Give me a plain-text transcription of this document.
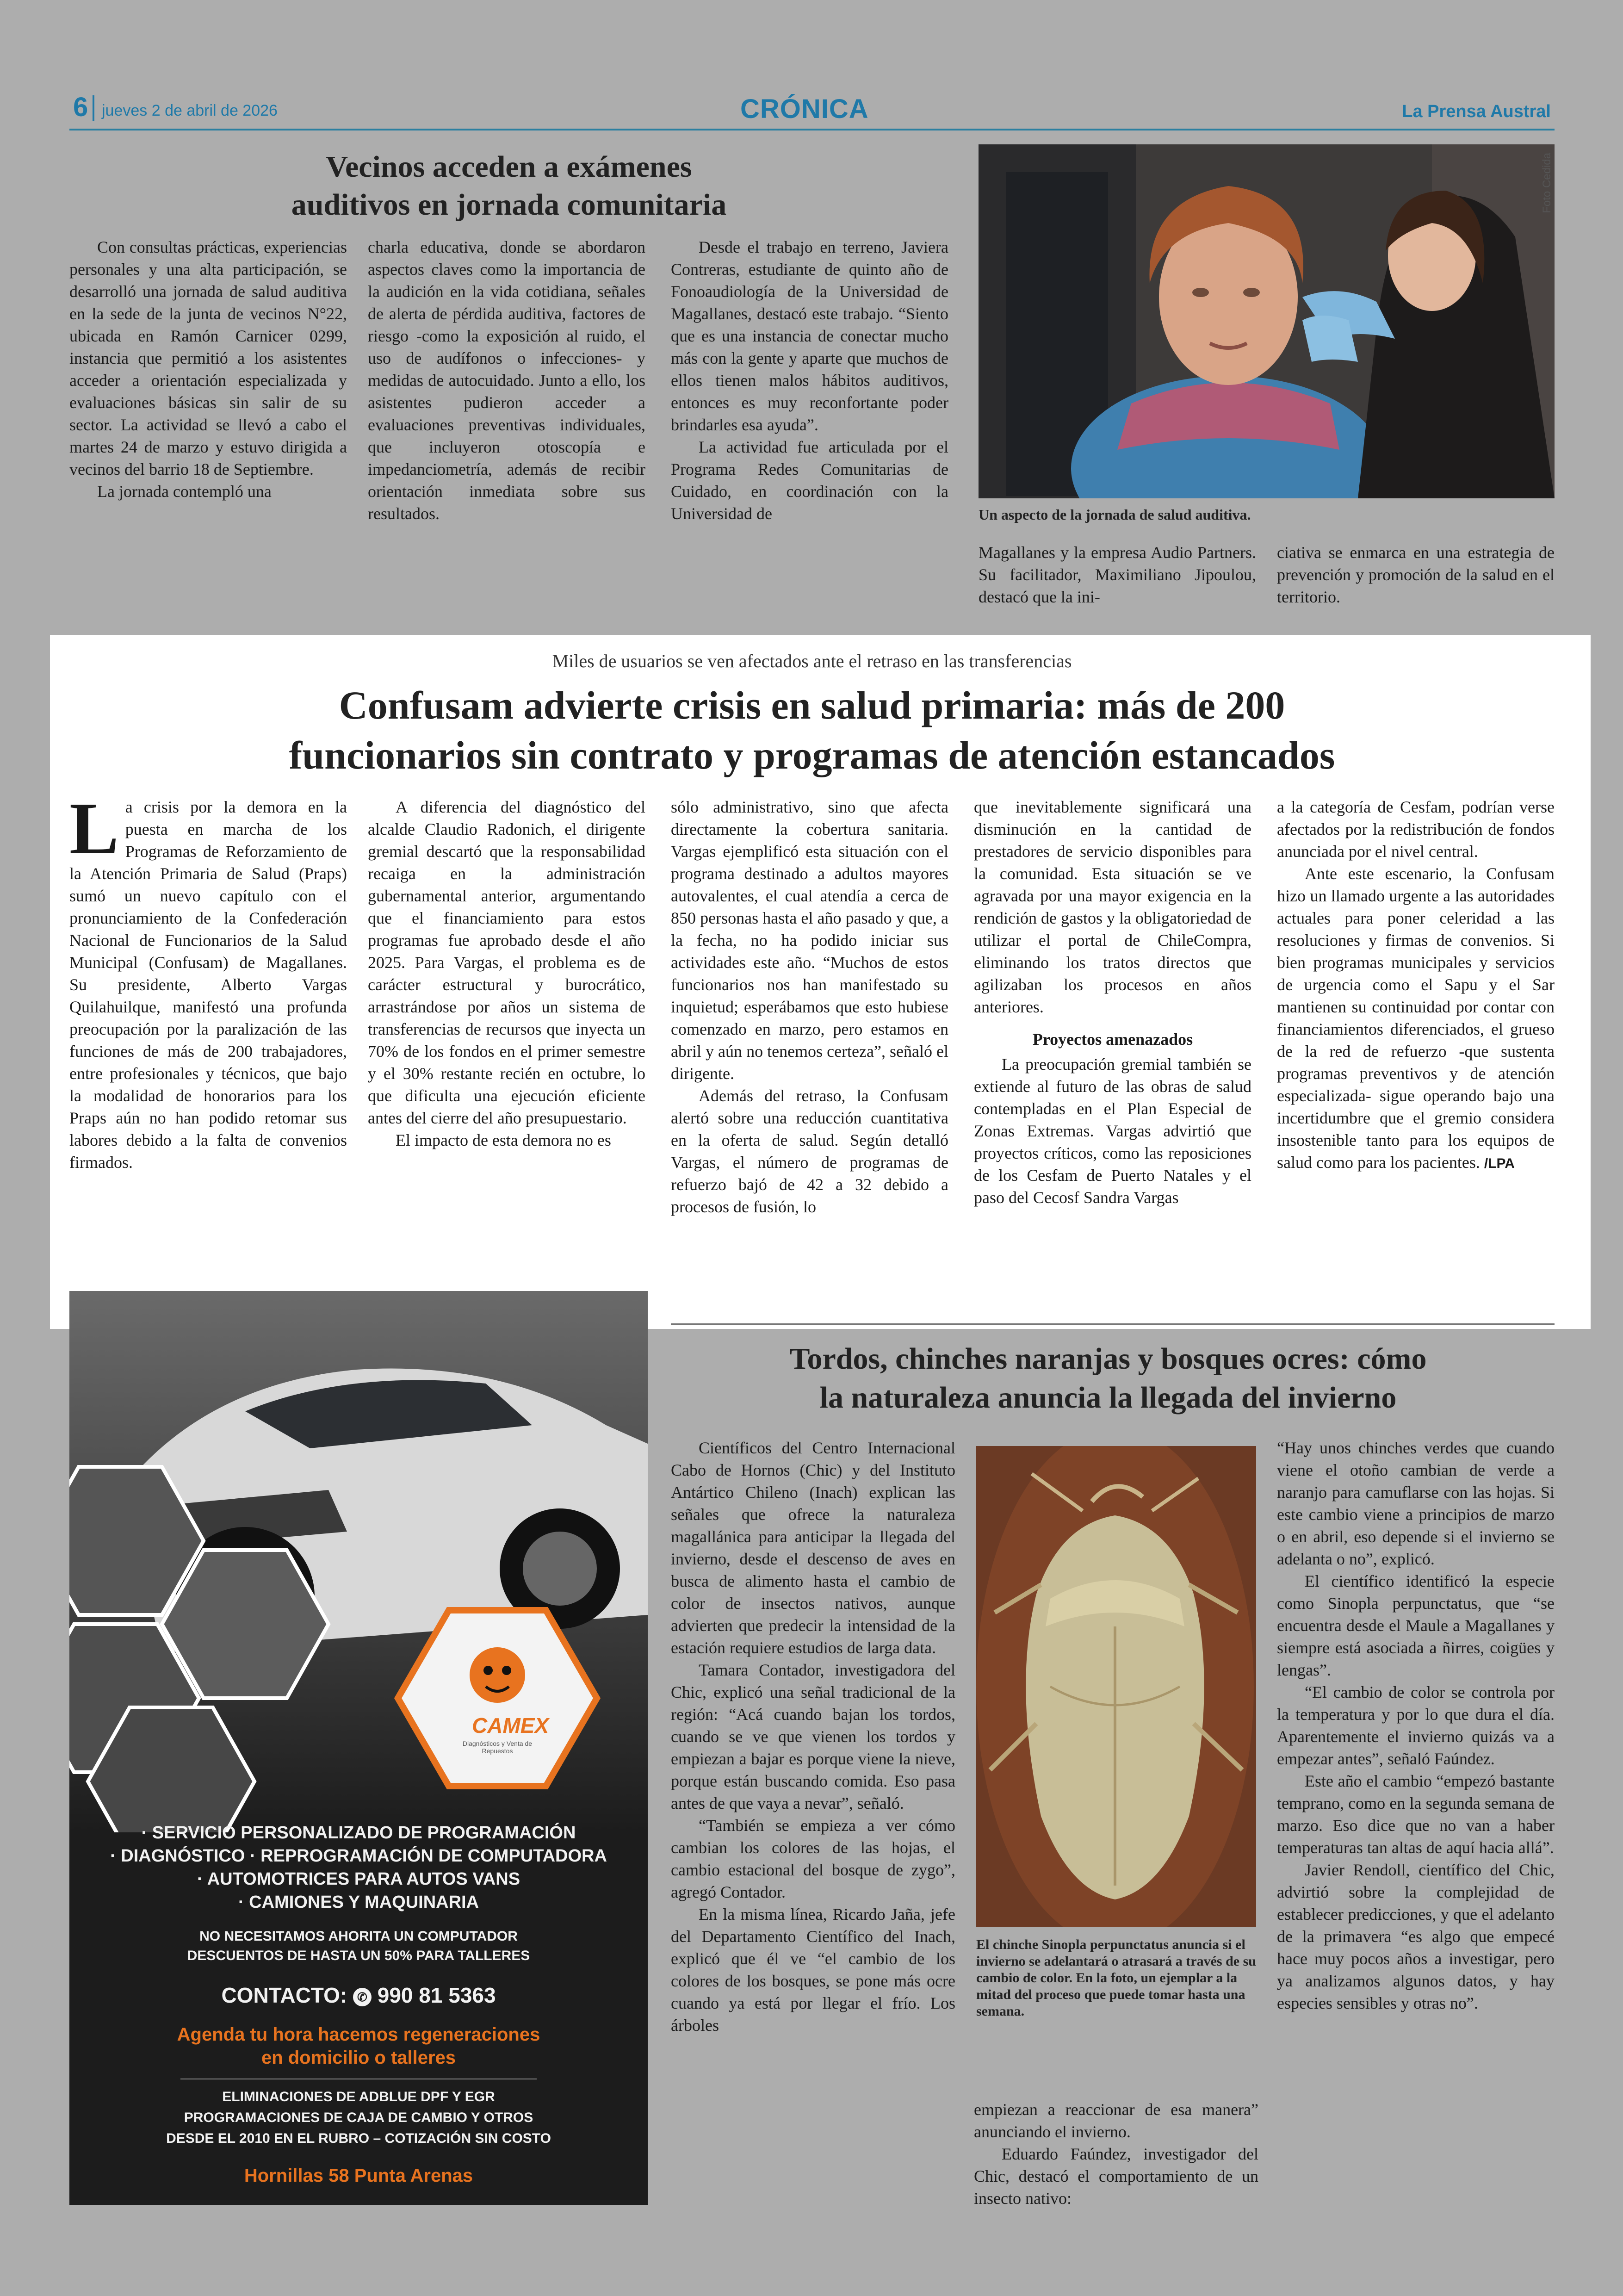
6 jueves 2 de abril de 2026	CRÓNICA	La Prensa Austral
Vecinos acceden a exámenes
auditivos en jornada comunitaria

Con consultas prácticas, experiencias personales y una alta participación, se desarrolló una jornada de salud auditiva en la sede de la junta de vecinos N°22, ubicada en Ramón Carnicer 0299, instancia que permitió a los asistentes acceder a orientación especializada y evaluaciones básicas sin salir de su sector. La actividad se llevó a cabo el martes 24 de marzo y estuvo dirigida a vecinos del barrio 18 de Septiembre.

La jornada contempló una

charla educativa, donde se abordaron aspectos claves como la importancia de la audición en la vida cotidiana, señales de alerta de pérdida auditiva, factores de riesgo -como la exposición al ruido, el uso de audífonos o infecciones- y medidas de autocuidado. Junto a ello, los asistentes pudieron acceder a evaluaciones preventivas individuales, que incluyeron otoscopía e impedanciometría, además de recibir orientación inmediata sobre sus resultados.

Desde el trabajo en terreno, Javiera Contreras, estudiante de quinto año de Fonoaudiología de la Universidad de Magallanes, destacó este trabajo. “Siento que es una instancia de conectar mucho más con la gente y aparte que muchos de ellos tienen malos hábitos auditivos, entonces es muy reconfortante poder brindarles esa ayuda”.

La actividad fue articulada por el Programa Redes Comunitarias de Cuidado, en coordinación con la Universidad de

Foto Cedida
Un aspecto de la jornada de salud auditiva.

Magallanes y la empresa Audio Partners. Su facilitador, Maximiliano Jipoulou, destacó que la ini-

ciativa se enmarca en una estrategia de prevención y promoción de la salud en el territorio.

Miles de usuarios se ven afectados ante el retraso en las transferencias
Confusam advierte crisis en salud primaria: más de 200
funcionarios sin contrato y programas de atención estancados
L a crisis por la demora en la puesta en marcha de los Programas de Reforzamiento de la Atención Primaria de Salud (Praps) sumó un nuevo capítulo con el pronunciamiento de la Confederación Nacional de Funcionarios de la Salud Municipal (Confusam) de Magallanes. Su presidente, Alberto Vargas Quilahuilque, manifestó una profunda preocupación por la paralización de las funciones de más de 200 trabajadores, entre profesionales y técnicos, que bajo la modalidad de honorarios para los Praps aún no han podido retomar sus labores debido a la falta de convenios firmados.

A diferencia del diagnóstico del alcalde Claudio Radonich, el dirigente gremial descartó que la responsabilidad recaiga en la administración gubernamental anterior, argumentando que el financiamiento para estos programas fue aprobado desde el año 2025. Para Vargas, el problema es de carácter estructural y burocrático, arrastrándose por años un sistema de transferencias de recursos que inyecta un 70% de los fondos en el primer semestre y el 30% restante recién en octubre, lo que dificulta una ejecución eficiente antes del cierre del año presupuestario.

El impacto de esta demora no es

sólo administrativo, sino que afecta directamente la cobertura sanitaria. Vargas ejemplificó esta situación con el programa destinado a adultos mayores autovalentes, el cual atendía a cerca de 850 personas hasta el año pasado y que, a la fecha, no ha podido iniciar sus actividades este año. “Muchos de estos funcionarios nos han manifestado su inquietud; esperábamos que esto hubiese comenzado en marzo, pero estamos en abril y aún no tenemos certeza”, señaló el dirigente.

Además del retraso, la Confusam alertó sobre una reducción cuantitativa en la oferta de salud. Según detalló Vargas, el número de programas de refuerzo bajó de 42 a 32 debido a procesos de fusión, lo

que inevitablemente significará una disminución en la cantidad de prestadores de servicio disponibles para la comunidad. Esta situación se ve agravada por una mayor exigencia en la rendición de gastos y la obligatoriedad de utilizar el portal de ChileCompra, eliminando los tratos directos que agilizaban los procesos en años anteriores.

Proyectos amenazados

La preocupación gremial también se extiende al futuro de las obras de salud contempladas en el Plan Especial de Zonas Extremas. Vargas advirtió que proyectos críticos, como las reposiciones de los Cesfam de Puerto Natales y el paso del Cecosf Sandra Vargas

a la categoría de Cesfam, podrían verse afectados por la redistribución de fondos anunciada por el nivel central.

Ante este escenario, la Confusam hizo un llamado urgente a las autoridades actuales para poner celeridad a las resoluciones y firmas de convenios. Si bien programas municipales y servicios de urgencia como el Sapu y el Sar mantienen su continuidad por contar con financiamientos diferenciados, el grueso de la red de refuerzo -que sustenta programas preventivos y de atención especializada- sigue operando bajo una incertidumbre que el gremio considera insostenible tanto para los equipos de salud como para los pacientes. /LPA

CAMEX
Diagnósticos y Venta de Repuestos
· SERVICIO PERSONALIZADO DE PROGRAMACIÓN
· DIAGNÓSTICO · REPROGRAMACIÓN DE COMPUTADORA
· AUTOMOTRICES PARA AUTOS VANS
· CAMIONES Y MAQUINARIA
NO NECESITAMOS AHORITA UN COMPUTADOR
DESCUENTOS DE HASTA UN 50% PARA TALLERES
CONTACTO: ✆ 990 81 5363
Agenda tu hora hacemos regeneraciones
en domicilio o talleres
ELIMINACIONES DE ADBLUE DPF Y EGR
PROGRAMACIONES DE CAJA DE CAMBIO Y OTROS
DESDE EL 2010 EN EL RUBRO – COTIZACIÓN SIN COSTO
Hornillas 58 Punta Arenas
Tordos, chinches naranjas y bosques ocres: cómo
la naturaleza anuncia la llegada del invierno

Científicos del Centro Internacional Cabo de Hornos (Chic) y del Instituto Antártico Chileno (Inach) explican las señales que ofrece la naturaleza magallánica para anticipar la llegada del invierno, desde el descenso de aves en busca de alimento hasta el cambio de color de insectos nativos, aunque advierten que predecir la intensidad de la estación requiere estudios de larga data.

Tamara Contador, investigadora del Chic, explicó una señal tradicional de la región: “Acá cuando bajan los tordos, cuando se ve que vienen los tordos y empiezan a bajar es porque viene la nieve, porque están buscando comida. Eso pasa antes de que vaya a nevar”, señaló.

“También se empieza a ver cómo cambian los colores de las hojas, el cambio estacional del bosque de zygo”, agregó Contador.

En la misma línea, Ricardo Jaña, jefe del Departamento Científico del Inach, explicó que él ve “el cambio de los colores de los bosques, se pone más ocre cuando ya está por llegar el frío. Los árboles

El chinche Sinopla perpunctatus anuncia si el invierno se adelantará o atrasará a través de su cambio de color. En la foto, un ejemplar a la mitad del proceso que puede tomar hasta una semana.

empiezan a reaccionar de esa manera” anunciando el invierno.

Eduardo Faúndez, investigador del Chic, destacó el comportamiento de un insecto nativo:

“Hay unos chinches verdes que cuando viene el otoño cambian de verde a naranjo para camuflarse con las hojas. Si este cambio viene a principios de marzo o en abril, eso depende si el invierno se adelanta o no”, explicó.

El científico identificó la especie como Sinopla perpunctatus, que “se encuentra desde el Maule a Magallanes y siempre está asociada a ñirres, coigües y lengas”.

“El cambio de color se controla por la temperatura y por lo que dura el día. Aparentemente el invierno quizás va a empezar antes”, señaló Faúndez.

Este año el cambio “empezó bastante temprano, como en la segunda semana de marzo. Eso dice que no van a haber temperaturas tan altas de aquí hacia allá”.

Javier Rendoll, científico del Chic, advirtió sobre la complejidad de establecer predicciones, y que el adelanto de la primavera “es algo que empecé hace muy pocos años a investigar, pero ya analizamos algunos datos, y hay especies sensibles y otras no”.
